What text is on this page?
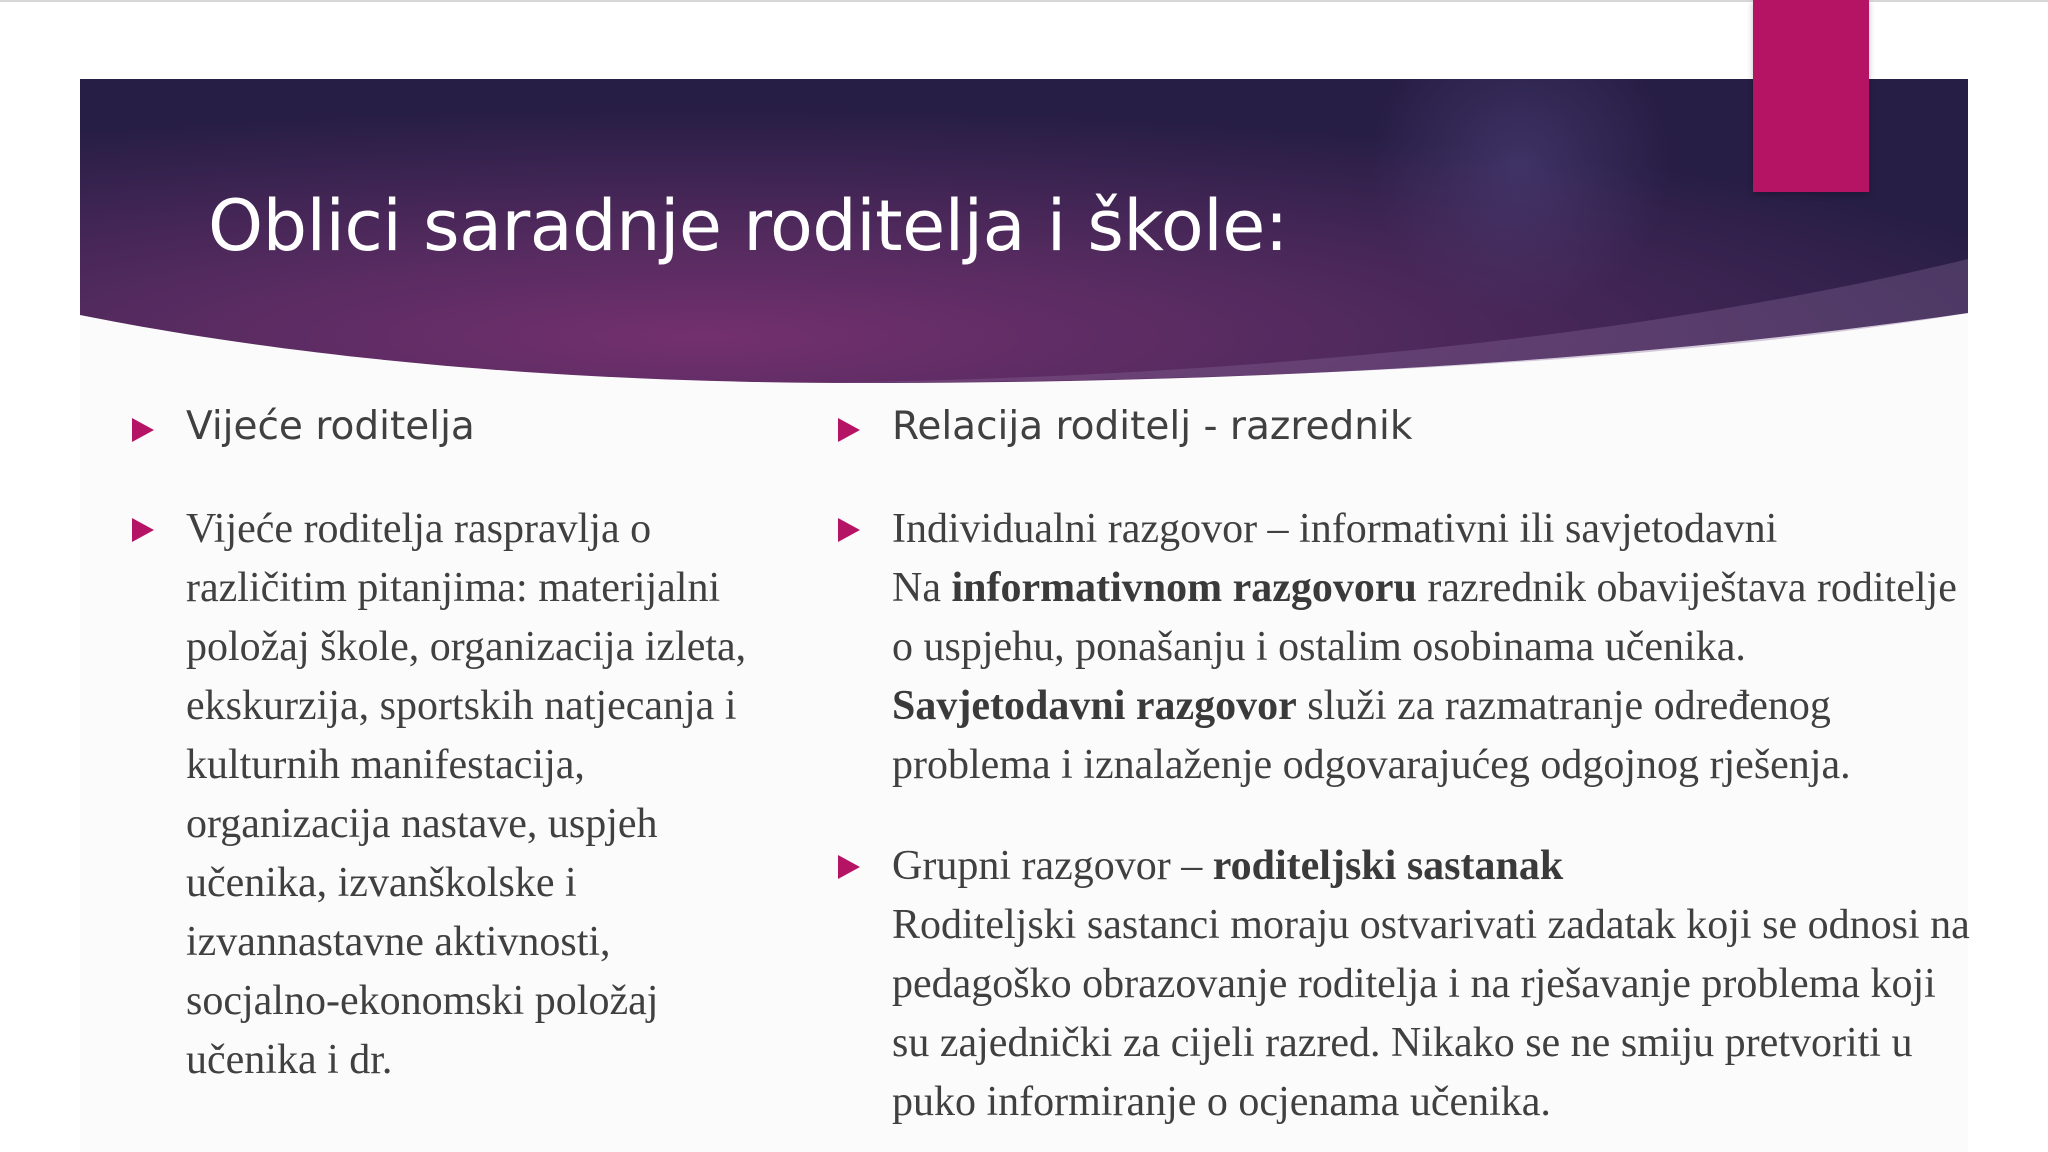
Oblici saradnje roditelja i škole:
Vijeće roditelja
Vijeće roditelja raspravlja o
različitim pitanjima: materijalni
položaj škole, organizacija izleta,
ekskurzija, sportskih natjecanja i
kulturnih manifestacija,
organizacija nastave, uspjeh
učenika, izvanškolske i
izvannastavne aktivnosti,
socjalno-ekonomski položaj
učenika i dr.
Relacija roditelj - razrednik
Individualni razgovor – informativni ili savjetodavni
Na informativnom razgovoru razrednik obaviještava roditelje
o uspjehu, ponašanju i ostalim osobinama učenika.
Savjetodavni razgovor služi za razmatranje određenog
problema i iznalaženje odgovarajućeg odgojnog rješenja.
Grupni razgovor – roditeljski sastanak
Roditeljski sastanci moraju ostvarivati zadatak koji se odnosi na
pedagoško obrazovanje roditelja i na rješavanje problema koji
su zajednički za cijeli razred. Nikako se ne smiju pretvoriti u
puko informiranje o ocjenama učenika.
